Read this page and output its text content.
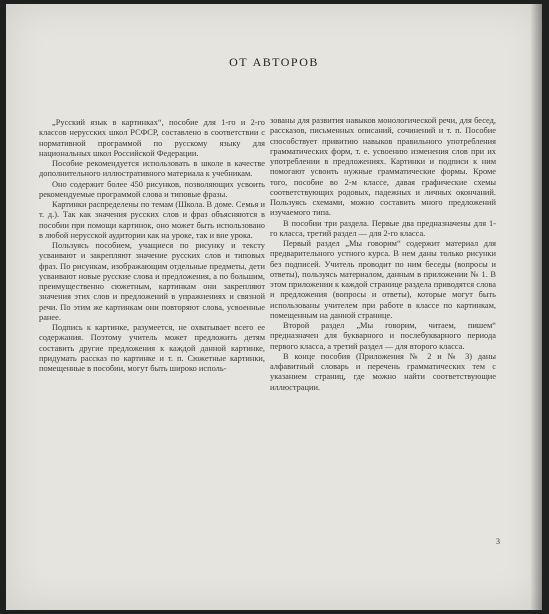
ОТ АВТОРОВ

„Русский язык в картинках“, пособие для 1-го и 2-го классов нерусских школ РСФСР, составлено в соответствии с нормативной программой по русскому языку для национальных школ Российской Федерации.

Пособие рекомендуется использовать в школе в качестве дополнительного иллюстративного материала к учебникам.

Оно содержит более 450 рисунков, позволяющих усвоить рекомендуемые программой слова и типовые фразы.

Картинки распределены по темам (Школа. В доме. Семья и т. д.). Так как значения русских слов и фраз объясняются в пособии при помощи картинок, оно может быть использовано в любой нерусской аудитории как на уроке, так и вне урока.

Пользуясь пособием, учащиеся по рисунку и тексту усваивают и закрепляют значение русских слов и типовых фраз. По рисункам, изображающим отдельные предметы, дети усваивают новые русские слова и предложения, а по большим, преимущественно сюжетным, картинкам они закрепляют значения этих слов и предложений в упражнениях и связной речи. По этим же картинкам они повторяют слова, усвоенные ранее.

Подпись к картинке, разумеется, не охватывает всего ее содержания. Поэтому учитель может предложить детям составить другие предложения к каждой данной картинке, придумать рассказ по картинке и т. п. Сюжетные картинки, помещенные в пособии, могут быть широко исполь-

зованы для развития навыков монологической речи, для бесед, рассказов, письменных описаний, сочинений и т. п. Пособие способствует привитию навыков правильного употребления грамматических форм, т. е. усвоению изменения слов при их употреблении в предложениях. Картинки и подписи к ним помогают усвоить нужные грамматические формы. Кроме того, пособие во 2-м классе, давая графические схемы соответствующих родовых, падежных и личных окончаний. Пользуясь схемами, можно составить много предложений изучаемого типа.

В пособии три раздела. Первые два предназначены для 1-го класса, третий раздел — для 2-го класса.

Первый раздел „Мы говорим“ содержит материал для предварительного устного курса. В нем даны только рисунки без подписей. Учитель проводит по ним беседы (вопросы и ответы), пользуясь материалом, данным в приложении № 1. В этом приложении к каждой странице раздела приводятся слова и предложения (вопросы и ответы), которые могут быть использованы учителем при работе в классе по картинкам, помещенным на данной странице.

Второй раздел „Мы говорим, читаем, пишем“ предназначен для букварного и послебукварного периода первого класса, а третий раздел — для второго класса.

В конце пособия (Приложения № 2 и № 3) даны алфавитный словарь и перечень грамматических тем с указанием страниц, где можно найти соответствующие иллюстрации.

3
